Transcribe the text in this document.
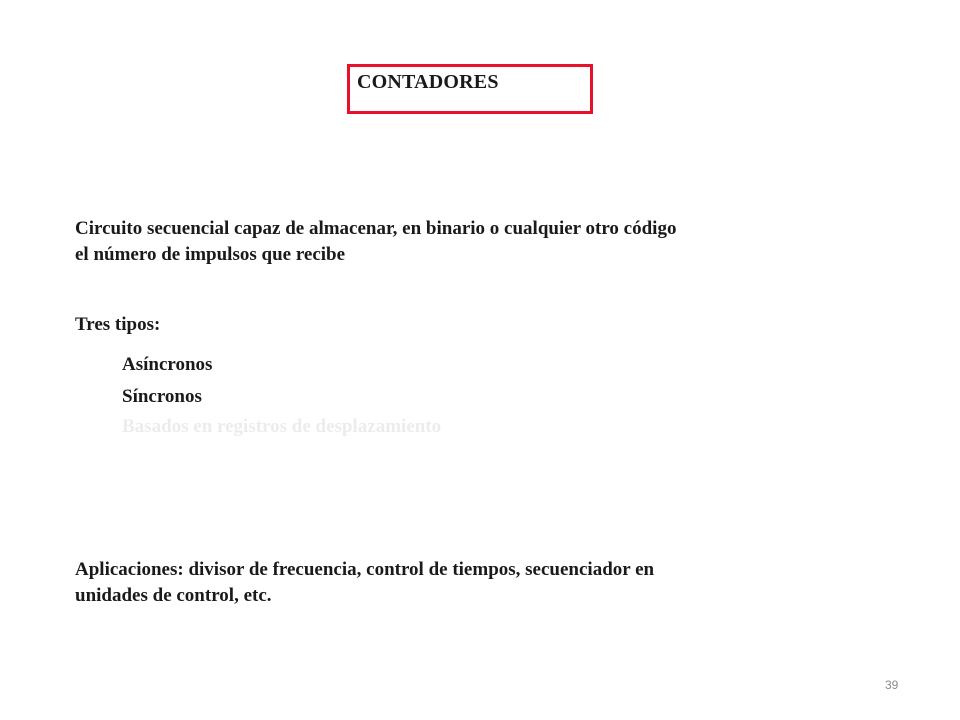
CONTADORES
Circuito secuencial capaz de almacenar, en binario o cualquier otro código
el número de impulsos que recibe
Tres tipos:
Asíncronos
Síncronos
Basados en registros de desplazamiento
Aplicaciones: divisor de frecuencia, control de tiempos, secuenciador en
unidades de control, etc.
39
